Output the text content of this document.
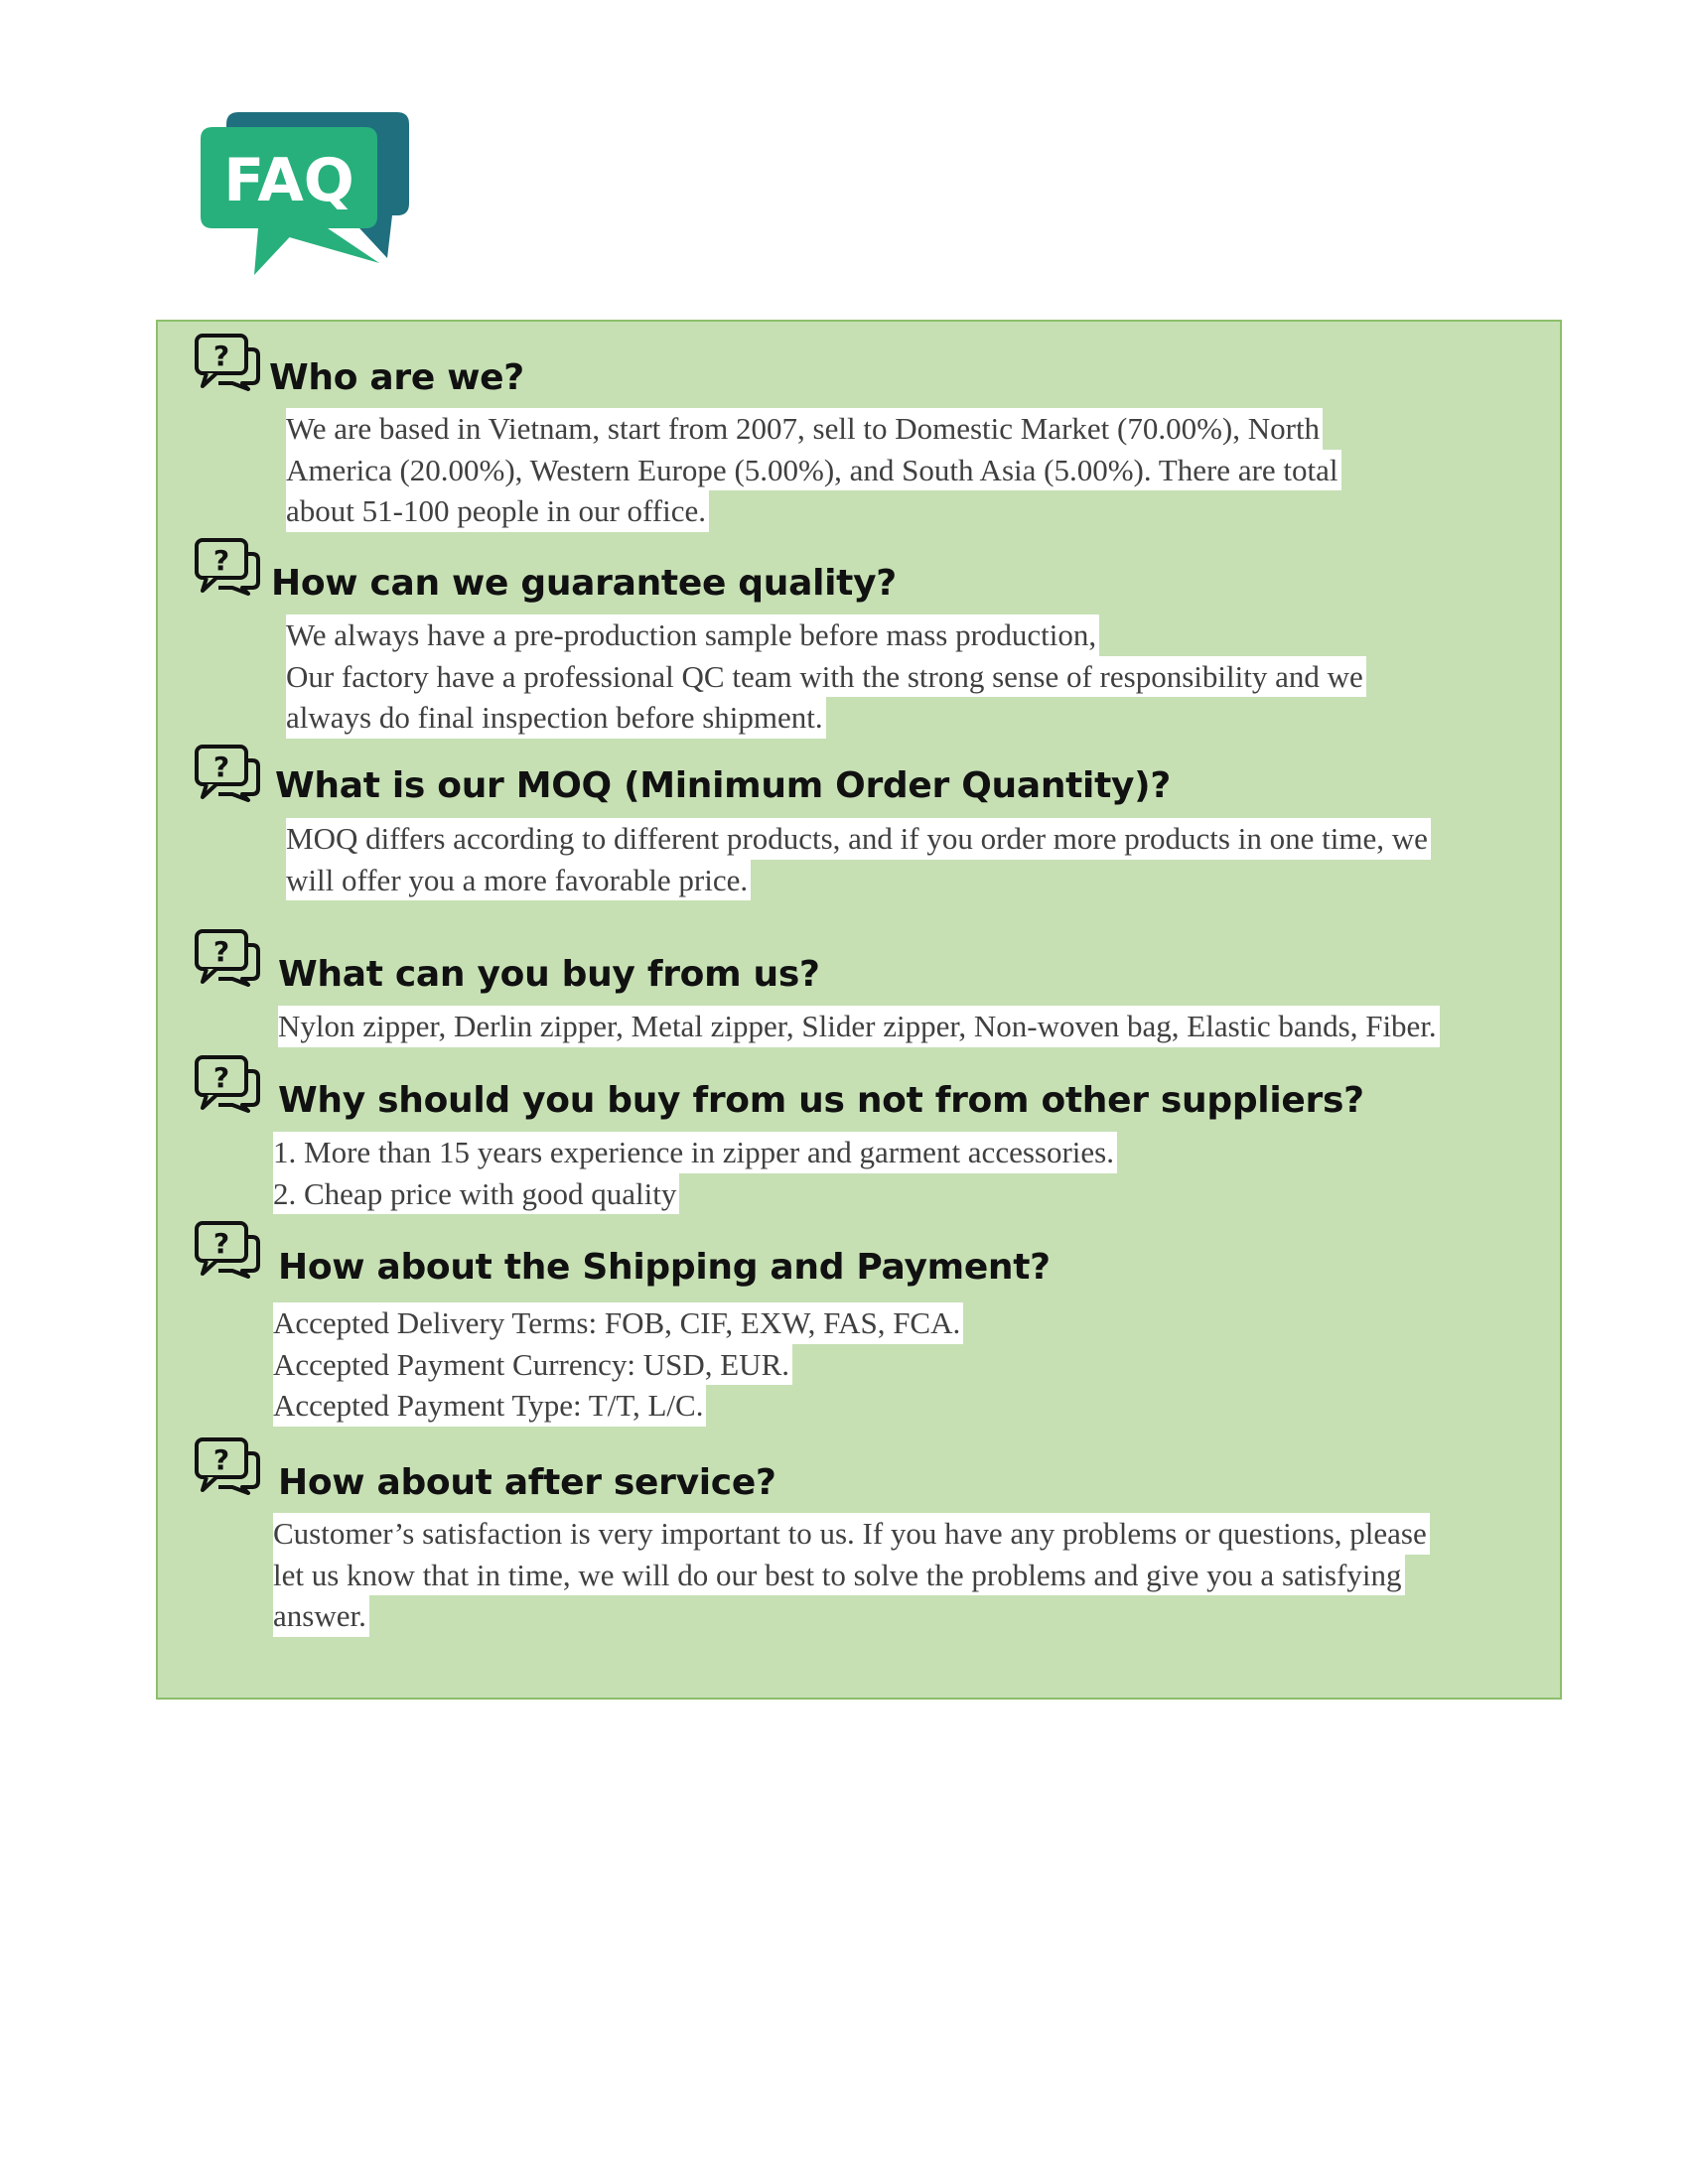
FAQ
?
Who are we?
We are based in Vietnam, start from 2007, sell to Domestic Market (70.00%), North
America (20.00%), Western Europe (5.00%), and South Asia (5.00%). There are total
about 51-100 people in our office.
?
How can we guarantee quality?
We always have a pre-production sample before mass production,
Our factory have a professional QC team with the strong sense of responsibility and we
always do final inspection before shipment.
? What is our MOQ (Minimum Order Quantity)?
MOQ differs according to different products, and if you order more products in one time, we
will offer you a more favorable price.
?
What can you buy from us?
Nylon zipper, Derlin zipper, Metal zipper, Slider zipper, Non-woven bag, Elastic bands, Fiber.
?
Why should you buy from us not from other suppliers?
1. More than 15 years experience in zipper and garment accessories.
2. Cheap price with good quality
?
How about the Shipping and Payment?
Accepted Delivery Terms: FOB, CIF, EXW, FAS, FCA.
Accepted Payment Currency: USD, EUR.
Accepted Payment Type: T/T, L/C.
?
How about after service?
Customer’s satisfaction is very important to us. If you have any problems or questions, please
let us know that in time, we will do our best to solve the problems and give you a satisfying
answer.
